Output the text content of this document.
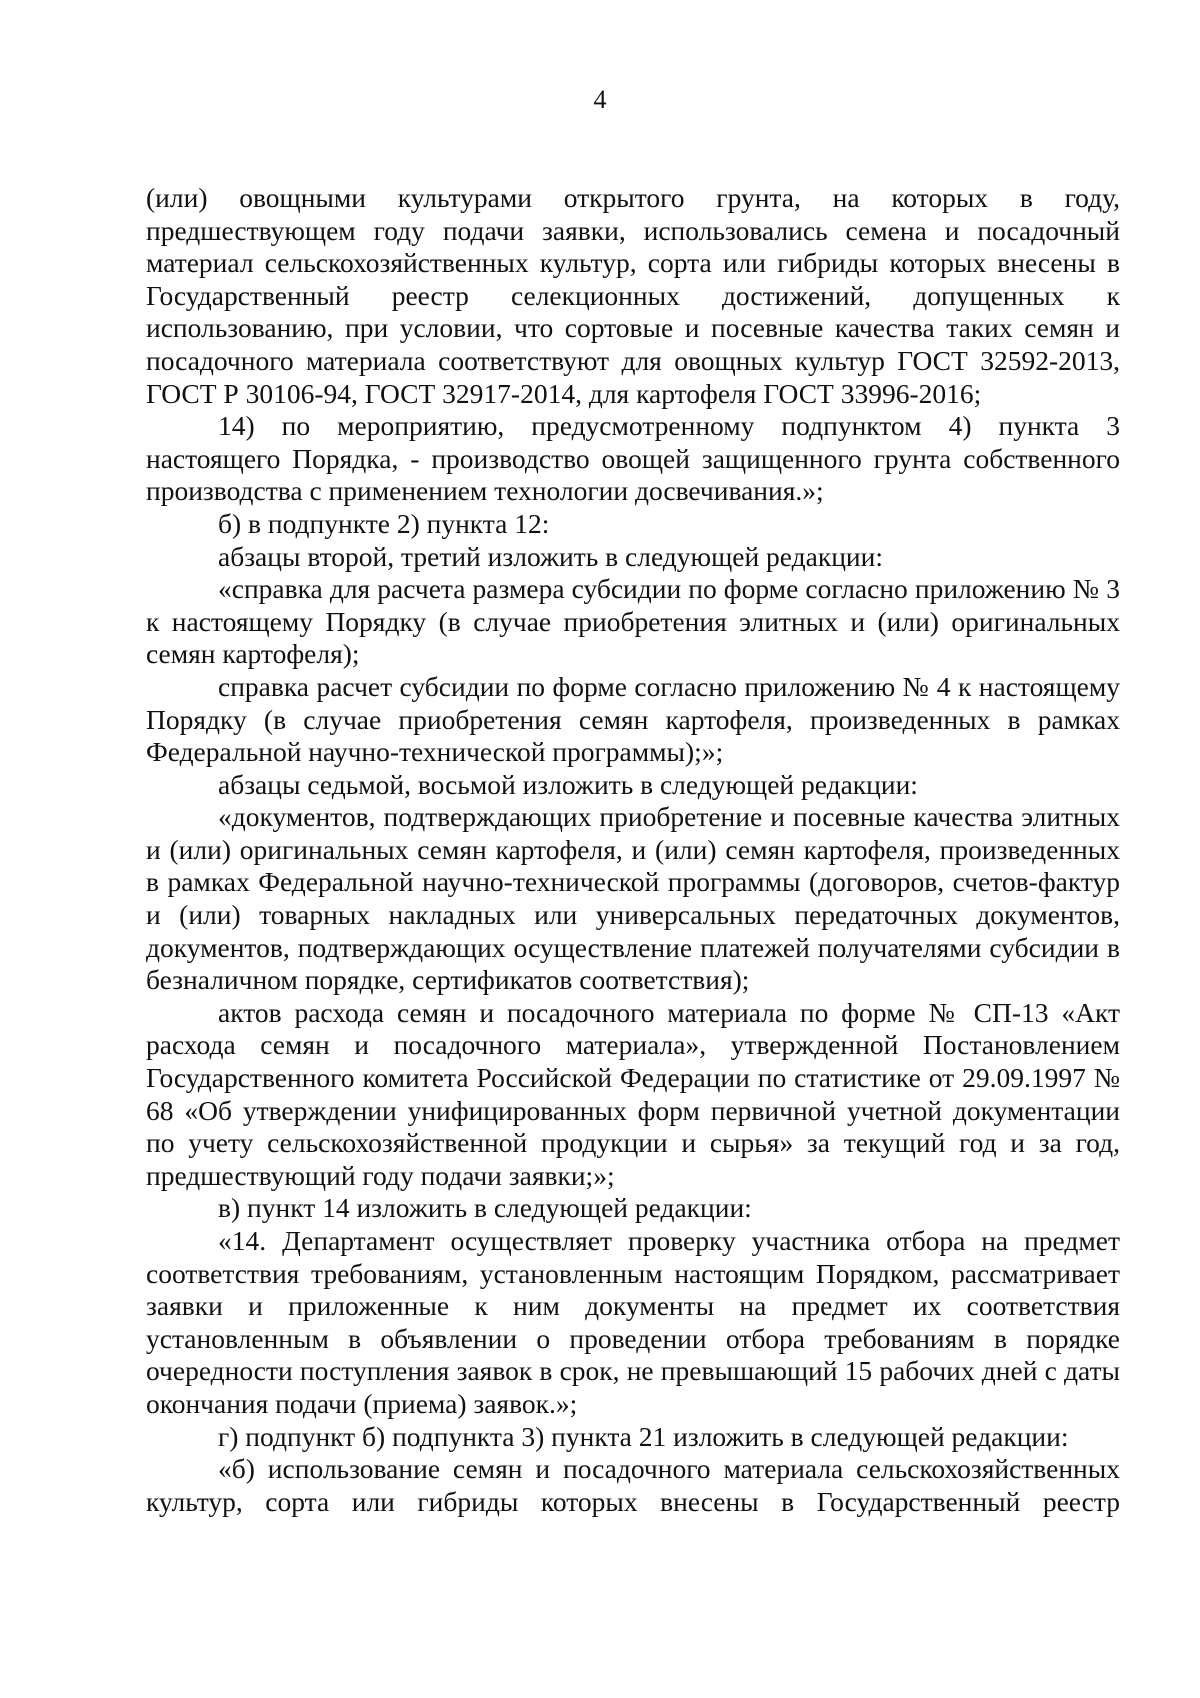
4

(или) овощными культурами открытого грунта, на которых в году, предшествующем году подачи заявки, использовались семена и посадочный материал сельскохозяйственных культур, сорта или гибриды которых внесены в Государственный реестр селекционных достижений, допущенных к использованию, при условии, что сортовые и посевные качества таких семян и посадочного материала соответствуют для овощных культур ГОСТ 32592-2013, ГОСТ Р 30106-94, ГОСТ 32917-2014, для картофеля ГОСТ 33996-2016;

14) по мероприятию, предусмотренному подпунктом 4) пункта 3 настоящего Порядка, - производство овощей защищенного грунта собственного производства с применением технологии досвечивания.»;

б) в подпункте 2) пункта 12:

абзацы второй, третий изложить в следующей редакции:

«справка для расчета размера субсидии по форме согласно приложению № 3 к настоящему Порядку (в случае приобретения элитных и (или) оригинальных семян картофеля);

справка расчет субсидии по форме согласно приложению № 4 к настоящему Порядку (в случае приобретения семян картофеля, произведенных в рамках Федеральной научно-технической программы);»;

абзацы седьмой, восьмой изложить в следующей редакции:

«документов, подтверждающих приобретение и посевные качества элитных и (или) оригинальных семян картофеля, и (или) семян картофеля, произведенных в рамках Федеральной научно-технической программы (договоров, счетов-фактур и (или) товарных накладных или универсальных передаточных документов, документов, подтверждающих осуществление платежей получателями субсидии в безналичном порядке, сертификатов соответствия);

актов расхода семян и посадочного материала по форме № СП-13 «Акт расхода семян и посадочного материала», утвержденной Постановлением Государственного комитета Российской Федерации по статистике от 29.09.1997 № 68 «Об утверждении унифицированных форм первичной учетной документации по учету сельскохозяйственной продукции и сырья» за текущий год и за год, предшествующий году подачи заявки;»;

в) пункт 14 изложить в следующей редакции:

«14. Департамент осуществляет проверку участника отбора на предмет соответствия требованиям, установленным настоящим Порядком, рассматривает заявки и приложенные к ним документы на предмет их соответствия установленным в объявлении о проведении отбора требованиям в порядке очередности поступления заявок в срок, не превышающий 15 рабочих дней с даты окончания подачи (приема) заявок.»;

г) подпункт б) подпункта 3) пункта 21 изложить в следующей редакции:

«б) использование семян и посадочного материала сельскохозяйственных культур, сорта или гибриды которых внесены в Государственный реестр
